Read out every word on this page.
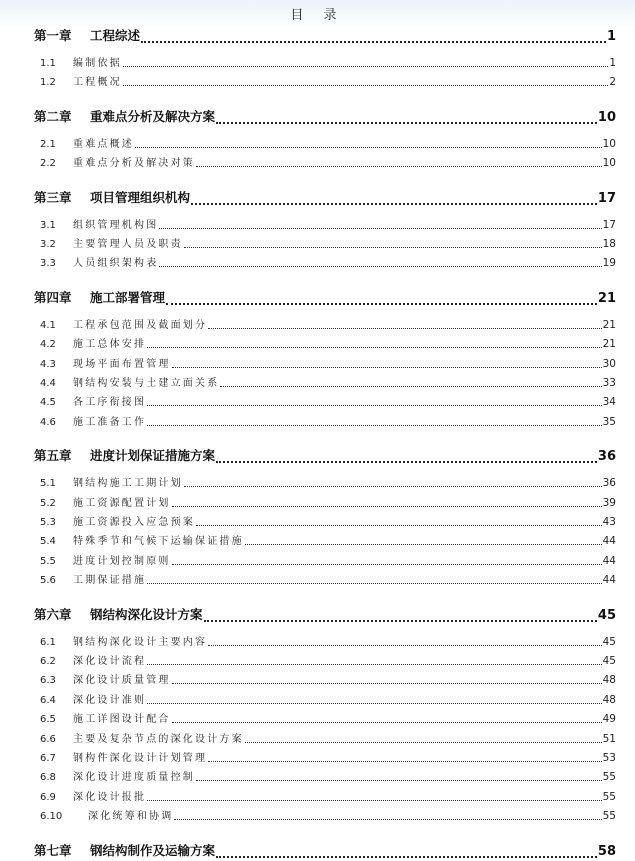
目 录
第一章	工程综述	1
1.1	编制依据	1
1.2	工程概况	2
第二章	重难点分析及解决方案	10
2.1	重难点概述	10
2.2	重难点分析及解决对策	10
第三章	项目管理组织机构	17
3.1	组织管理机构图	17
3.2	主要管理人员及职责	18
3.3	人员组织架构表	19
第四章	施工部署管理	21
4.1	工程承包范围及截面划分	21
4.2	施工总体安排	21
4.3	现场平面布置管理	30
4.4	钢结构安装与土建立面关系	33
4.5	各工序衔接图	34
4.6	施工准备工作	35
第五章	进度计划保证措施方案	36
5.1	钢结构施工工期计划	36
5.2	施工资源配置计划	39
5.3	施工资源投入应急预案	43
5.4	特殊季节和气候下运输保证措施	44
5.5	进度计划控制原则	44
5.6	工期保证措施	44
第六章	钢结构深化设计方案	45
6.1	钢结构深化设计主要内容	45
6.2	深化设计流程	45
6.3	深化设计质量管理	48
6.4	深化设计准则	48
6.5	施工详图设计配合	49
6.6	主要及复杂节点的深化设计方案	51
6.7	钢构件深化设计计划管理	53
6.8	深化设计进度质量控制	55
6.9	深化设计报批	55
6.10	深化统筹和协调	55
第七章	钢结构制作及运输方案	58
